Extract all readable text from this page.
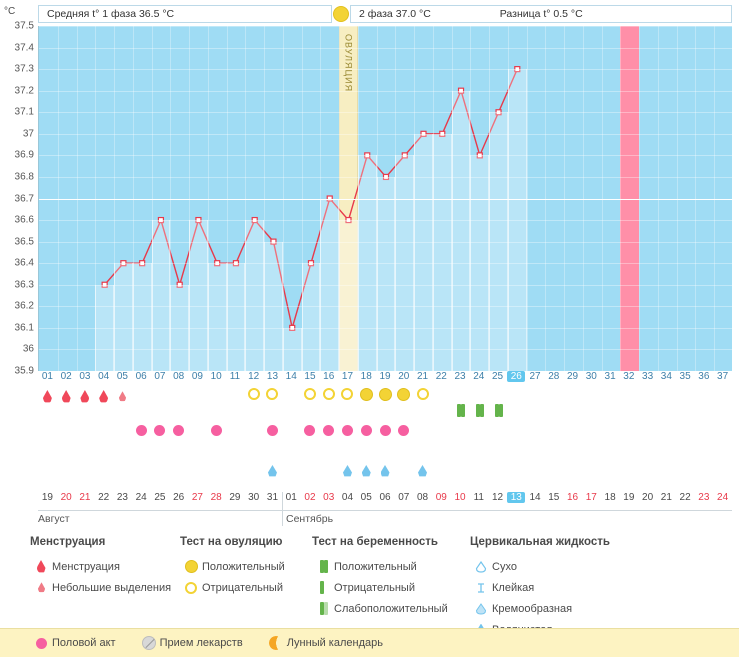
Средняя t° 1 фаза 36.5 °C	2 фаза 37.0 °C	Разница t° 0.5 °C
°C
ОВУЛЯЦИЯ
37.5
37.4
37.3
37.2
37.1
37
36.9
36.8
36.7
36.6
36.5
36.4
36.3
36.2
36.1
36
35.9 01 02 03 04 05 06 07 08 09 10 11 12 13 14 15 16 17 18 19 20 21 22 23 24 25 26 27 28 29 30 31 32 33 34 35 36 37
19 20 21 22 23 24 25 26 27 28 29 30 31 01 02 03 04 05 06 07 08 09 10 11 12 13 14 15 16 17 18 19 20 21 22 23 24
Август	Сентябрь
Менструация
Менструация
Небольшие выделения
Тест на овуляцию
Положительный
Отрицательный
Тест на беременность
Положительный
Отрицательный
Слабоположительный
Цервикальная жидкость
Сухо
Клейкая
Кремообразная
Половой акт	Прием лекарств	Лунный календарь
